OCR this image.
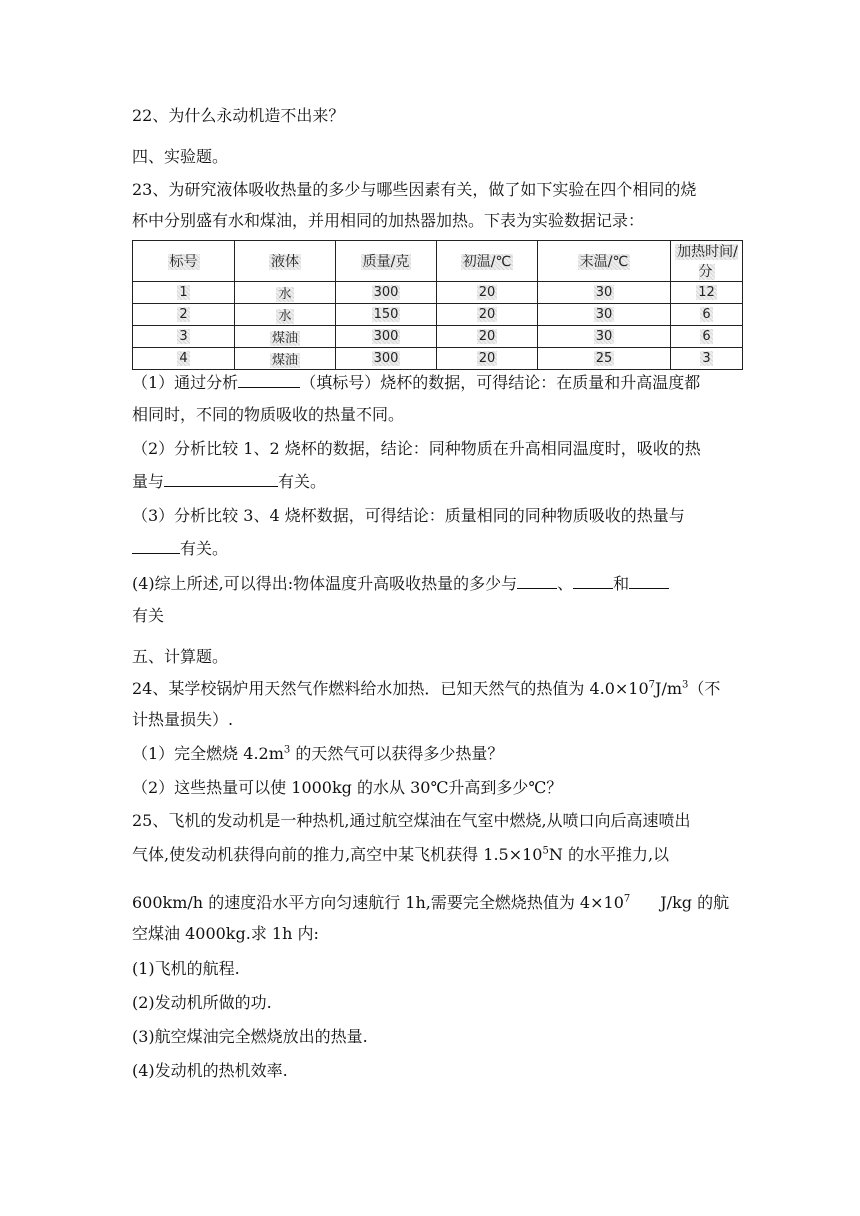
22、为什么永动机造不出来？
四、实验题。
23、为研究液体吸收热量的多少与哪些因素有关，做了如下实验在四个相同的烧
杯中分别盛有水和煤油，并用相同的加热器加热。下表为实验数据记录：
标号	液体	质量/克	初温/℃	末温/℃	加热时间/分
1	水	300	20	30	12
2	水	150	20	30	6
3	煤油	300	20	30	6
4	煤油	300	20	25	3
（1）通过分析	（填标号）烧杯的数据，可得结论：在质量和升高温度都
相同时，不同的物质吸收的热量不同。
（2）分析比较 1、2 烧杯的数据，结论：同种物质在升高相同温度时，吸收的热
量与	有关。
（3）分析比较 3、4 烧杯数据，可得结论：质量相同的同种物质吸收的热量与
有关。
(4)综上所述,可以得出:物体温度升高吸收热量的多少与	、	和
有关
五、计算题。
24、某学校锅炉用天然气作燃料给水加热．已知天然气的热值为 $4.0\times 10^7J/m^3$（不
计热量损失）.
（1）完全燃烧 $4.2m^3$ 的天然气可以获得多少热量？
（2）这些热量可以使 1000kg 的水从 30℃升高到多少℃？
25、飞机的发动机是一种热机,通过航空煤油在气室中燃烧,从喷口向后高速喷出
气体,使发动机获得向前的推力,高空中某飞机获得 $1.5\times 10^5N$ 的水平推力,以
600km/h 的速度沿水平方向匀速航行 1h,需要完全燃烧热值为 $4\times 10^7$ J/kg 的航
空煤油 4000kg.求 1h 内:
(1)飞机的航程.
(2)发动机所做的功.
(3)航空煤油完全燃烧放出的热量.
(4)发动机的热机效率.
